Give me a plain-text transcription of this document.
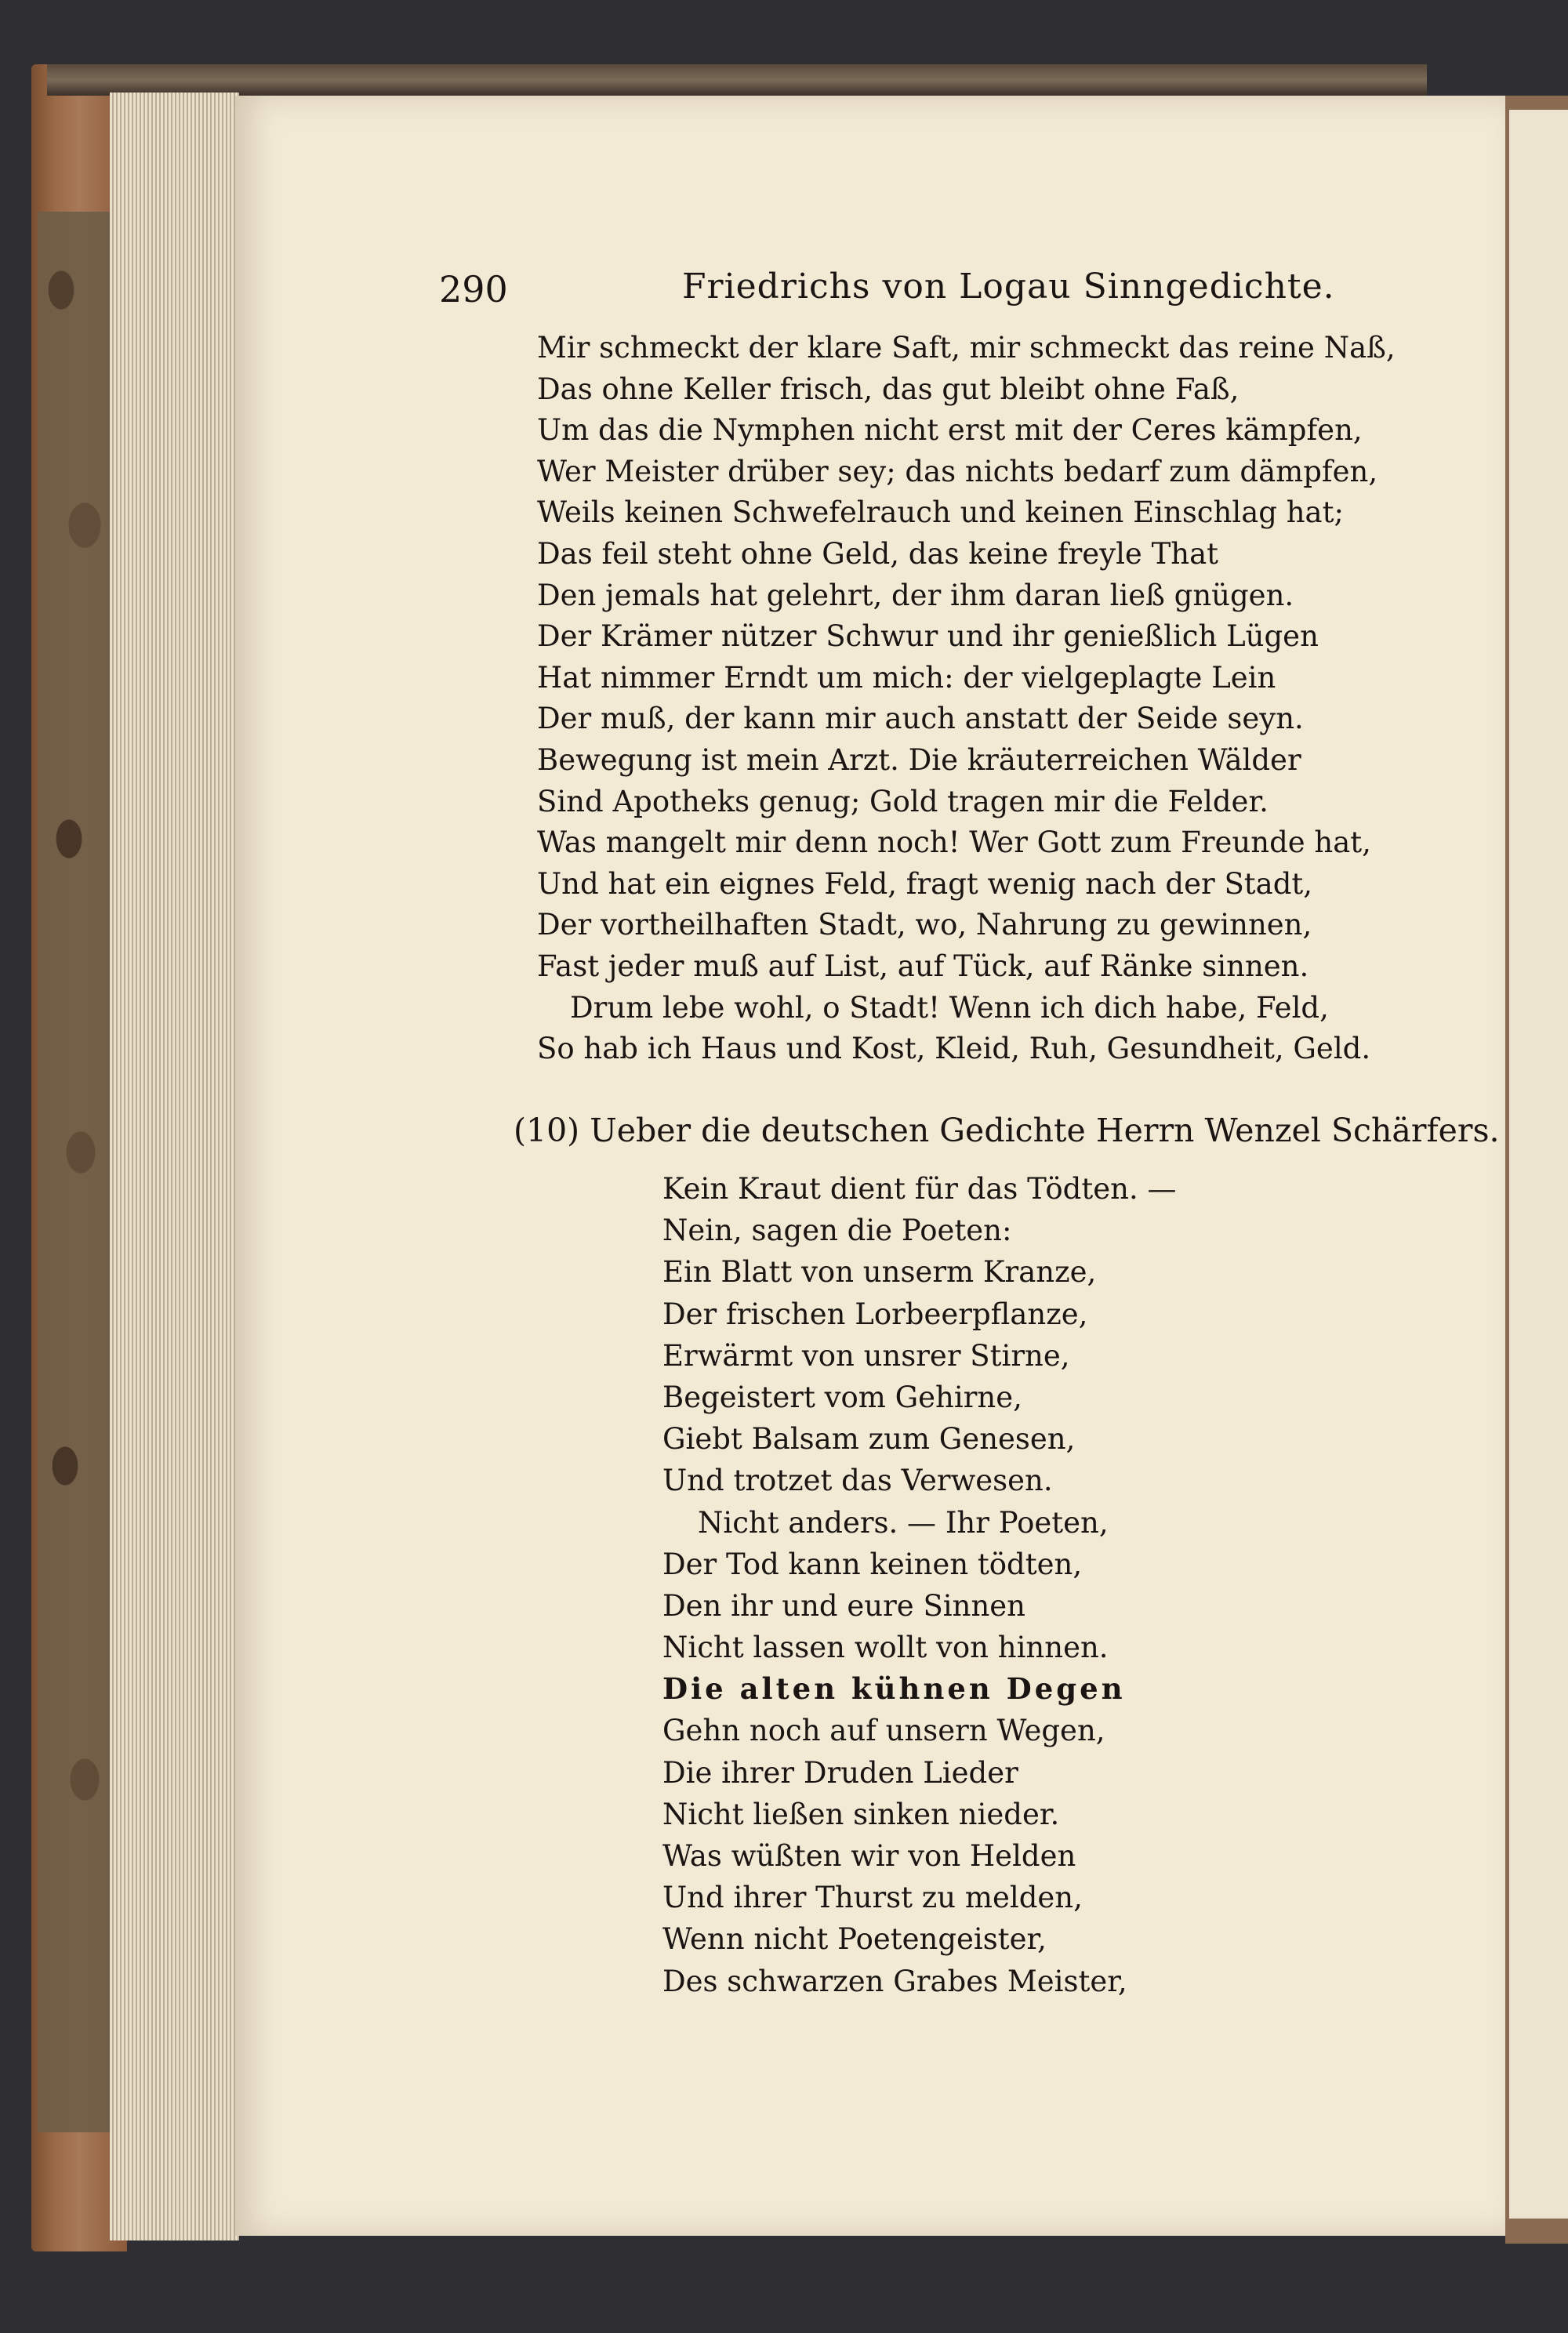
290	Friedrichs von Logau Sinngedichte.
Mir schmeckt der klare Saft, mir schmeckt das reine Naß,
Das ohne Keller frisch, das gut bleibt ohne Faß,
Um das die Nymphen nicht erst mit der Ceres kämpfen,
Wer Meister drüber sey; das nichts bedarf zum dämpfen,
Weils keinen Schwefelrauch und keinen Einschlag hat;
Das feil steht ohne Geld, das keine freyle That
Den jemals hat gelehrt, der ihm daran ließ gnügen.
Der Krämer nützer Schwur und ihr genießlich Lügen
Hat nimmer Erndt um mich: der vielgeplagte Lein
Der muß, der kann mir auch anstatt der Seide seyn.
Bewegung ist mein Arzt. Die kräuterreichen Wälder
Sind Apotheks genug; Gold tragen mir die Felder.
Was mangelt mir denn noch! Wer Gott zum Freunde hat,
Und hat ein eignes Feld, fragt wenig nach der Stadt,
Der vortheilhaften Stadt, wo, Nahrung zu gewinnen,
Fast jeder muß auf List, auf Tück, auf Ränke sinnen.
Drum lebe wohl, o Stadt! Wenn ich dich habe, Feld,
So hab ich Haus und Kost, Kleid, Ruh, Gesundheit, Geld.
(10) Ueber die deutschen Gedichte Herrn Wenzel Schärfers.
Kein Kraut dient für das Tödten. —
Nein, sagen die Poeten:
Ein Blatt von unserm Kranze,
Der frischen Lorbeerpflanze,
Erwärmt von unsrer Stirne,
Begeistert vom Gehirne,
Giebt Balsam zum Genesen,
Und trotzet das Verwesen.
Nicht anders. — Ihr Poeten,
Der Tod kann keinen tödten,
Den ihr und eure Sinnen
Nicht lassen wollt von hinnen.
Die alten kühnen Degen
Gehn noch auf unsern Wegen,
Die ihrer Druden Lieder
Nicht ließen sinken nieder.
Was wüßten wir von Helden
Und ihrer Thurst zu melden,
Wenn nicht Poetengeister,
Des schwarzen Grabes Meister,
